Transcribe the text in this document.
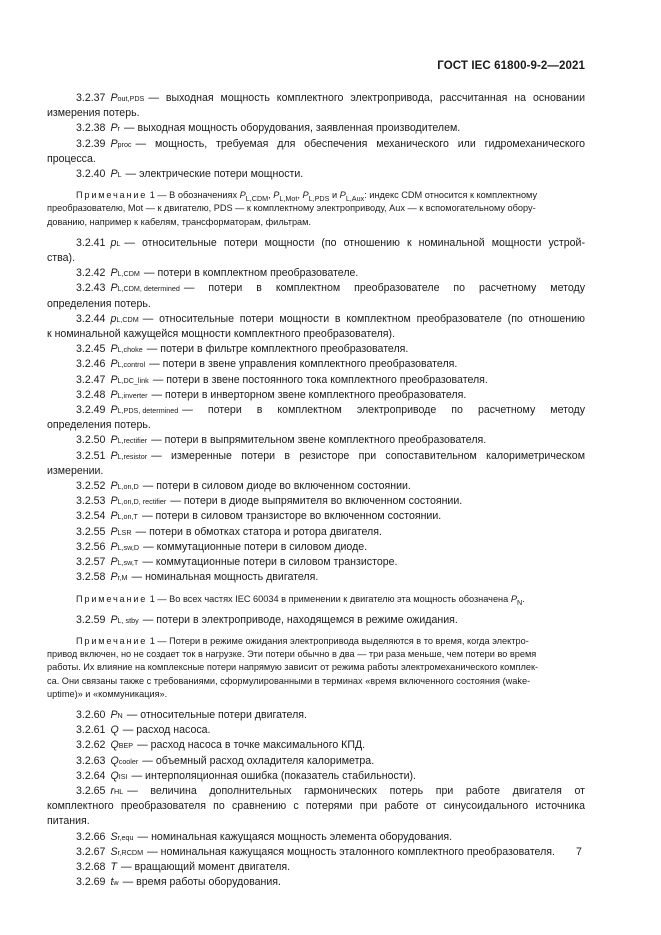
ГОСТ IEC 61800-9-2—2021
3.2.37 P out,PDS — выходная мощность комплектного электропривода, рассчитанная на основании
измерения потерь.
3.2.38 P r — выходная мощность оборудования, заявленная производителем.
3.2.39 P proc — мощность, требуемая для обеспечения механического или гидромеханического
процесса.
3.2.40 P L — электрические потери мощности.
Примечание 1 — В обозначениях $P_{L,CDM}$, $P_{L,Mot}$, $P_{L,PDS}$ и $P_{L,Aux}$: индекс CDM относится к комплектному
преобразователю, Mot — к двигателю, PDS — к комплектному электроприводу, Aux — к вспомогательному обору-
дованию, например к кабелям, трансформаторам, фильтрам.
3.2.41 p L — относительные потери мощности (по отношению к номинальной мощности устрой-
ства).
3.2.42 P L,CDM — потери в комплектном преобразователе.
3.2.43 P L,CDM, determined — потери в комплектном преобразователе по расчетному методу
определения потерь.
3.2.44 p L,CDM — относительные потери мощности в комплектном преобразователе (по отношению
к номинальной кажущейся мощности комплектного преобразователя).
3.2.45 P L,choke — потери в фильтре комплектного преобразователя.
3.2.46 P L,control — потери в звене управления комплектного преобразователя.
3.2.47 P L,DC_link — потери в звене постоянного тока комплектного преобразователя.
3.2.48 P L,inverter — потери в инверторном звене комплектного преобразователя.
3.2.49 P L,PDS, determined — потери в комплектном электроприводе по расчетному методу
определения потерь.
3.2.50 P L,rectifier — потери в выпрямительном звене комплектного преобразователя.
3.2.51 P L,resistor — измеренные потери в резисторе при сопоставительном калориметрическом
измерении.
3.2.52 P L,on,D — потери в силовом диоде во включенном состоянии.
3.2.53 P L,on,D, rectifier — потери в диоде выпрямителя во включенном состоянии.
3.2.54 P L,on,T — потери в силовом транзисторе во включенном состоянии.
3.2.55 P LSR — потери в обмотках статора и ротора двигателя.
3.2.56 P L,sw,D — коммутационные потери в силовом диоде.
3.2.57 P L,sw,T — коммутационные потери в силовом транзисторе.
3.2.58 P r,M — номинальная мощность двигателя.
Примечание 1 — Во всех частях IEC 60034 в применении к двигателю эта мощность обозначена $P_N$.
3.2.59 P L, stby — потери в электроприводе, находящемся в режиме ожидания.
Примечание 1 — Потери в режиме ожидания электропривода выделяются в то время, когда электро-
привод включен, но не создает ток в нагрузке. Эти потери обычно в два — три раза меньше, чем потери во время
работы. Их влияние на комплексные потери напрямую зависит от режима работы электромеханического комплек-
са. Они связаны также с требованиями, сформулированными в терминах «время включенного состояния (wake-
uptime)» и «коммуникация».
3.2.60 P N — относительные потери двигателя.
3.2.61 Q — расход насоса.
3.2.62 Q BEP — расход насоса в точке максимального КПД.
3.2.63 Q cooler — объемный расход охладителя калориметра.
3.2.64 Q ISI — интерполяционная ошибка (показатель стабильности).
3.2.65 r HL — величина дополнительных гармонических потерь при работе двигателя от
комплектного преобразователя по сравнению с потерями при работе от синусоидального источника
питания.
3.2.66 S r,equ — номинальная кажущаяся мощность элемента оборудования.
3.2.67 S r,RCDM — номинальная кажущаяся мощность эталонного комплектного преобразователя.
3.2.68 T — вращающий момент двигателя.
3.2.69 t w — время работы оборудования.
7
